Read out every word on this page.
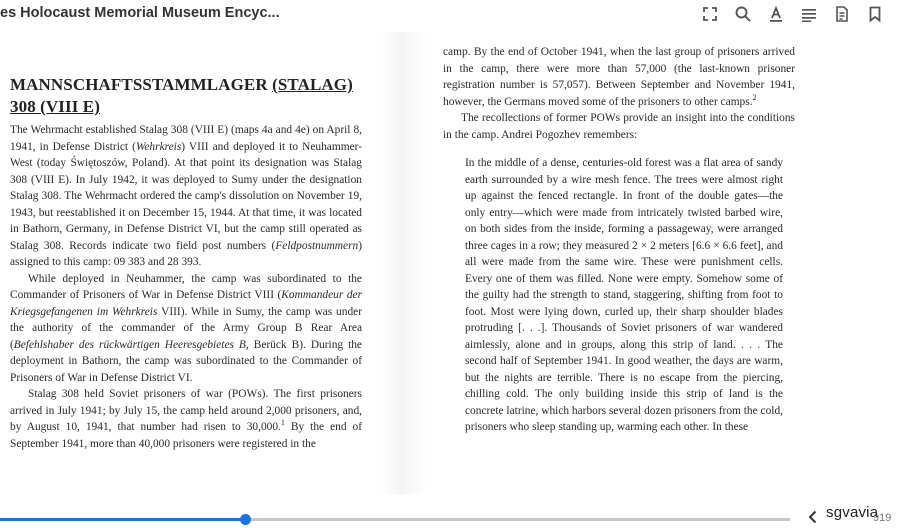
es Holocaust Memorial Museum Encyc...
MANNSCHAFTSSTAMMLAGER (STALAG)
308 (VIII E)

The Wehrmacht established Stalag 308 (VIII E) (maps 4a and 4e) on April 8, 1941, in Defense District (Wehrkreis) VIII and deployed it to Neuhammer-West (today Świętoszów, Poland). At that point its designation was Stalag 308 (VIII E). In July 1942, it was deployed to Sumy under the designation Stalag 308. The Wehrmacht ordered the camp's dissolution on November 19, 1943, but reestablished it on December 15, 1944. At that time, it was located in Bathorn, Germany, in Defense District VI, but the camp still operated as Stalag 308. Records indicate two field post numbers (Feldpostnummern) assigned to this camp: 09 383 and 28 393.

While deployed in Neuhammer, the camp was subordinated to the Commander of Prisoners of War in Defense District VIII (Kommandeur der Kriegsgefangenen im Wehrkreis VIII). While in Sumy, the camp was under the authority of the commander of the Army Group B Rear Area (Befehlshaber des rückwärtigen Heeresgebietes B, Berück B). During the deployment in Bathorn, the camp was subordinated to the Commander of Prisoners of War in Defense District VI.

Stalag 308 held Soviet prisoners of war (POWs). The first prisoners arrived in July 1941; by July 15, the camp held around 2,000 prisoners, and, by August 10, 1941, that number had risen to 30,000.$^1$ By the end of September 1941, more than 40,000 prisoners were registered in the

camp. By the end of October 1941, when the last group of prisoners arrived in the camp, there were more than 57,000 (the last-known prisoner registration number is 57,057). Between September and November 1941, however, the Germans moved some of the prisoners to other camps.$^2$

The recollections of former POWs provide an insight into the conditions in the camp. Andrei Pogozhev remembers:

In the middle of a dense, centuries-old forest was a flat area of sandy earth surrounded by a wire mesh fence. The trees were almost right up against the fenced rectangle. In front of the double gates—the only entry—which were made from intricately twisted barbed wire, on both sides from the inside, forming a passageway, were arranged three cages in a row; they measured 2 × 2 meters [6.6 × 6.6 feet], and all were made from the same wire. These were punishment cells. Every one of them was filled. None were empty. Somehow some of the guilty had the strength to stand, staggering, shifting from foot to foot. Most were lying down, curled up, their sharp shoulder blades protruding [. . .]. Thousands of Soviet prisoners of war wandered aimlessly, alone and in groups, along this strip of land. . . . The second half of September 1941. In good weather, the days are warm, but the nights are terrible. There is no escape from the piercing, chilling cold. The only building inside this strip of land is the concrete latrine, which harbors several dozen prisoners from the cold, prisoners who sleep standing up, warming each other. In these

919
sgvavia
